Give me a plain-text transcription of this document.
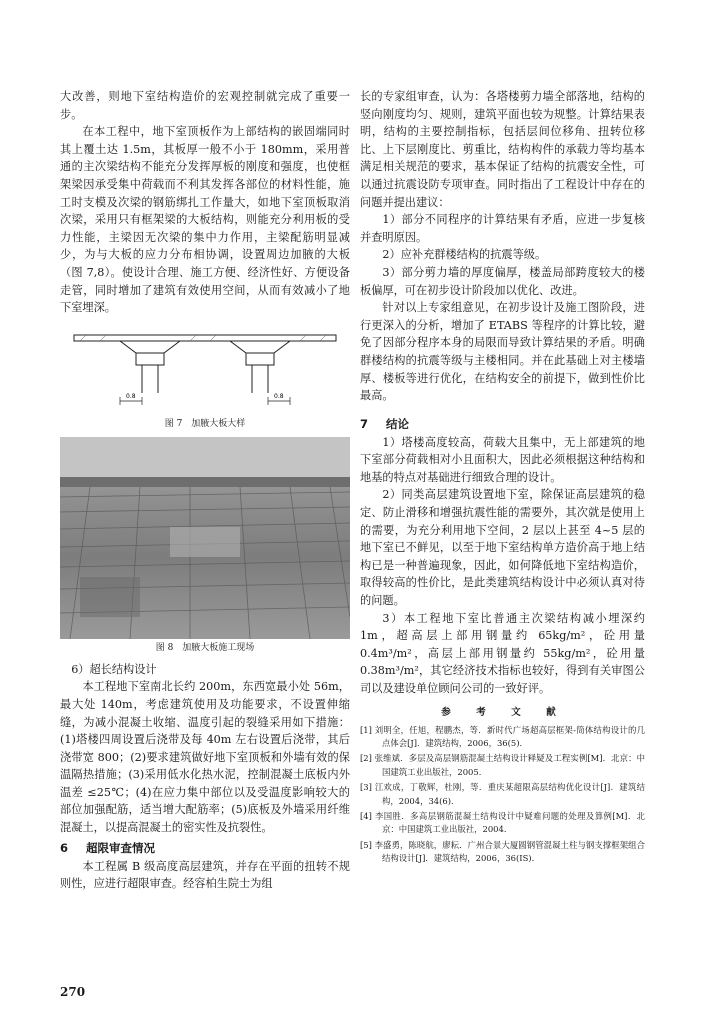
大改善，则地下室结构造价的宏观控制就完成了重要一步。

在本工程中，地下室顶板作为上部结构的嵌固端同时其上覆土达 1.5m，其板厚一般不小于 180mm，采用普通的主次梁结构不能充分发挥厚板的刚度和强度，也使框架梁因承受集中荷载而不利其发挥各部位的材料性能，施工时支模及次梁的钢筋绑扎工作量大，如地下室顶板取消次梁，采用只有框架梁的大板结构，则能充分利用板的受力性能，主梁因无次梁的集中力作用，主梁配筋明显减少，为与大板的应力分布相协调，设置周边加腋的大板（图 7,8）。使设计合理、施工方便、经济性好、方便设备走管，同时增加了建筑有效使用空间，从而有效减小了地下室埋深。

0.8	0.8
图 7　加腋大板大样
图 8　加腋大板施工现场

6）超长结构设计

本工程地下室南北长约 200m，东西宽最小处 56m，最大处 140m，考虑建筑使用及功能要求，不设置伸缩缝，为减小混凝土收缩、温度引起的裂缝采用如下措施：(1)塔楼四周设置后浇带及每 40m 左右设置后浇带，其后浇带宽 800；(2)要求建筑做好地下室顶板和外墙有效的保温隔热措施；(3)采用低水化热水泥，控制混凝土底板内外温差 ≤25℃；(4)在应力集中部位以及受温度影响较大的部位加强配筋，适当增大配筋率；(5)底板及外墙采用纤维混凝土，以提高混凝土的密实性及抗裂性。

6 超限审查情况

本工程属 B 级高度高层建筑，并存在平面的扭转不规则性，应进行超限审查。经容柏生院士为组

长的专家组审查，认为：各塔楼剪力墙全部落地，结构的竖向刚度均匀、规则，建筑平面也较为规整。计算结果表明，结构的主要控制指标，包括层间位移角、扭转位移比、上下层刚度比、剪重比，结构构件的承载力等均基本满足相关规范的要求，基本保证了结构的抗震安全性，可以通过抗震设防专项审查。同时指出了工程设计中存在的问题并提出建议：

1）部分不同程序的计算结果有矛盾，应进一步复核并查明原因。

2）应补充群楼结构的抗震等级。

3）部分剪力墙的厚度偏厚，楼盖局部跨度较大的楼板偏厚，可在初步设计阶段加以优化、改进。

针对以上专家组意见，在初步设计及施工图阶段，进行更深入的分析，增加了 ETABS 等程序的计算比较，避免了因部分程序本身的局限而导致计算结果的矛盾。明确群楼结构的抗震等级与主楼相同。并在此基础上对主楼墙厚、楼板等进行优化，在结构安全的前提下，做到性价比最高。

7 结论

1）塔楼高度较高，荷载大且集中，无上部建筑的地下室部分荷载相对小且面积大，因此必须根据这种结构和地基的特点对基础进行细致合理的设计。

2）同类高层建筑设置地下室，除保证高层建筑的稳定、防止滑移和增强抗震性能的需要外，其次就是使用上的需要，为充分利用地下空间，2 层以上甚至 4~5 层的地下室已不鲜见，以至于地下室结构单方造价高于地上结构已是一种普遍现象，因此，如何降低地下室结构造价，取得较高的性价比，是此类建筑结构设计中必须认真对待的问题。

3）本工程地下室比普通主次梁结构减小埋深约 1m，超高层上部用钢量约 65kg/m²，砼用量 0.4m³/m²，高层上部用钢量约 55kg/m²，砼用量 0.38m³/m²，其它经济技术指标也较好，得到有关审图公司以及建设单位顾问公司的一致好评。

参　考　文　献

[1] 刘明全，任旭，程鹏杰，等．新时代广场超高层框架-筒体结构设计的几点体会[J]．建筑结构，2006，36(5)．

[2] 张维斌．多层及高层钢筋混凝土结构设计释疑及工程实例[M]．北京：中国建筑工业出版社，2005．

[3] 江欢成，丁敬辉，杜刚，等．重庆某超限高层结构优化设计[J]．建筑结构，2004，34(6)．

[4] 李国胜．多高层钢筋混凝土结构设计中疑难问题的处理及算例[M]．北京：中国建筑工业出版社，2004．

[5] 李盛勇，陈晓航，廖耘．广州合景大厦圆钢管混凝土柱与钢支撑框架组合结构设计[J]．建筑结构，2006，36(IS)．

270
